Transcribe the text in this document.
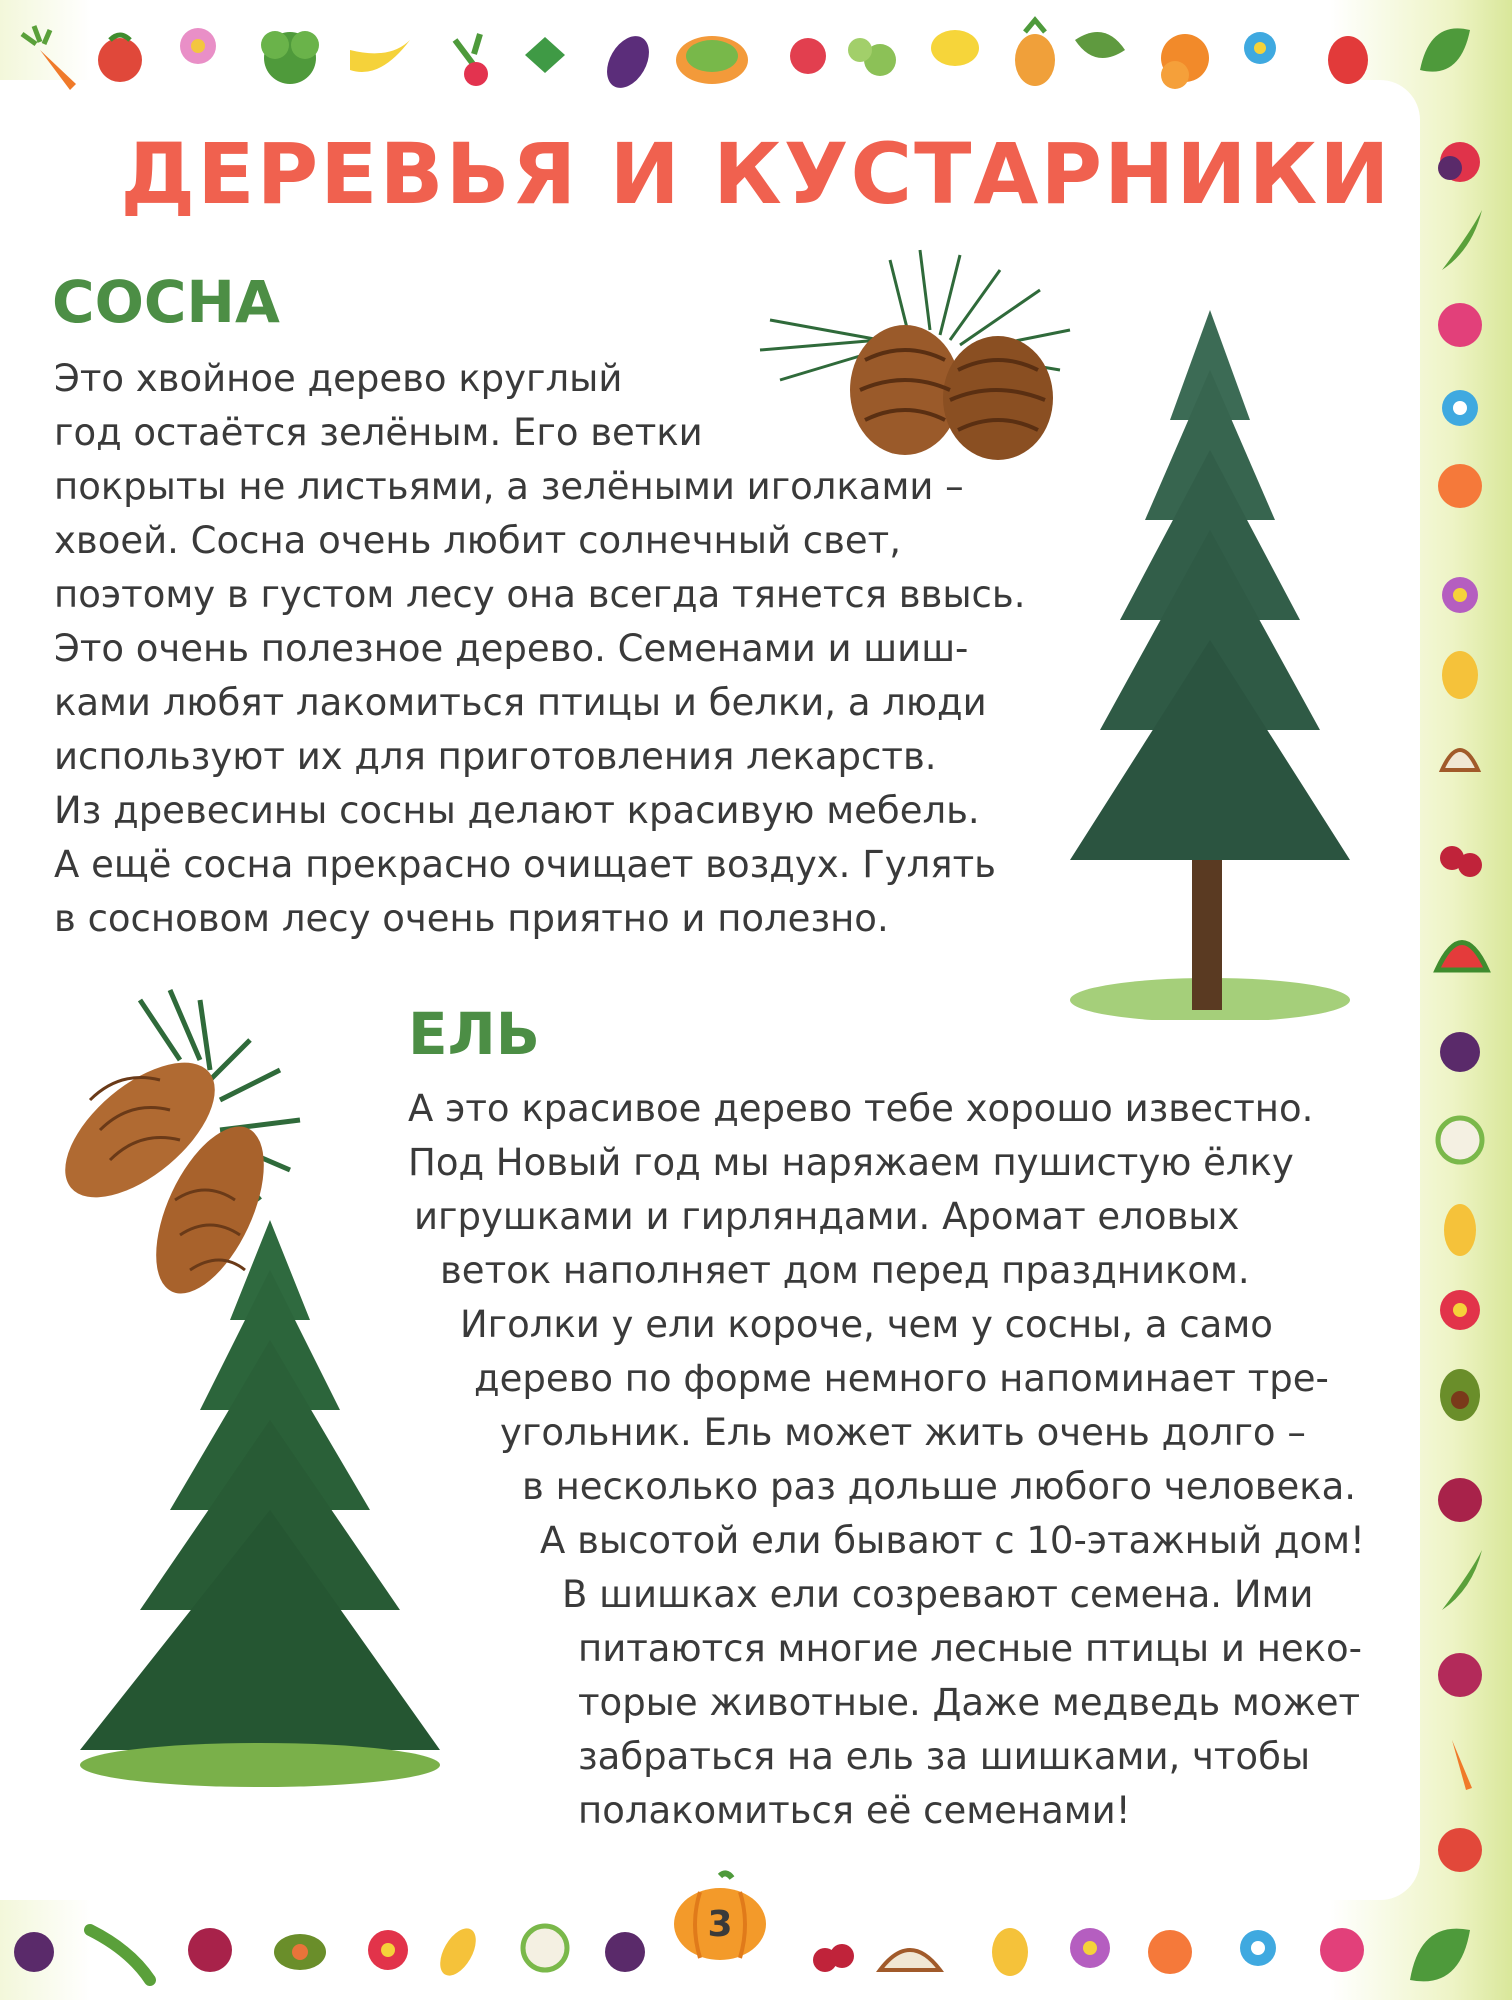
3
ДЕРЕВЬЯ И КУСТАРНИКИ
СОСНА
Это хвойное дерево круглый
год остаётся зелёным. Его ветки
покрыты не листьями, а зелёными иголками –
хвоей. Сосна очень любит солнечный свет,
поэтому в густом лесу она всегда тянется ввысь.
Это очень полезное дерево. Семенами и шиш-
ками любят лакомиться птицы и белки, а люди
используют их для приготовления лекарств.
Из древесины сосны делают красивую мебель.
А ещё сосна прекрасно очищает воздух. Гулять
в сосновом лесу очень приятно и полезно.
ЕЛЬ
А это красивое дерево тебе хорошо известно.
Под Новый год мы наряжаем пушистую ёлку
игрушками и гирляндами. Аромат еловых
веток наполняет дом перед праздником.
Иголки у ели короче, чем у сосны, а само
дерево по форме немного напоминает тре-
угольник. Ель может жить очень долго –
в несколько раз дольше любого человека.
А высотой ели бывают с 10-этажный дом!
В шишках ели созревают семена. Ими
питаются многие лесные птицы и неко-
торые животные. Даже медведь может
забраться на ель за шишками, чтобы
полакомиться её семенами!
